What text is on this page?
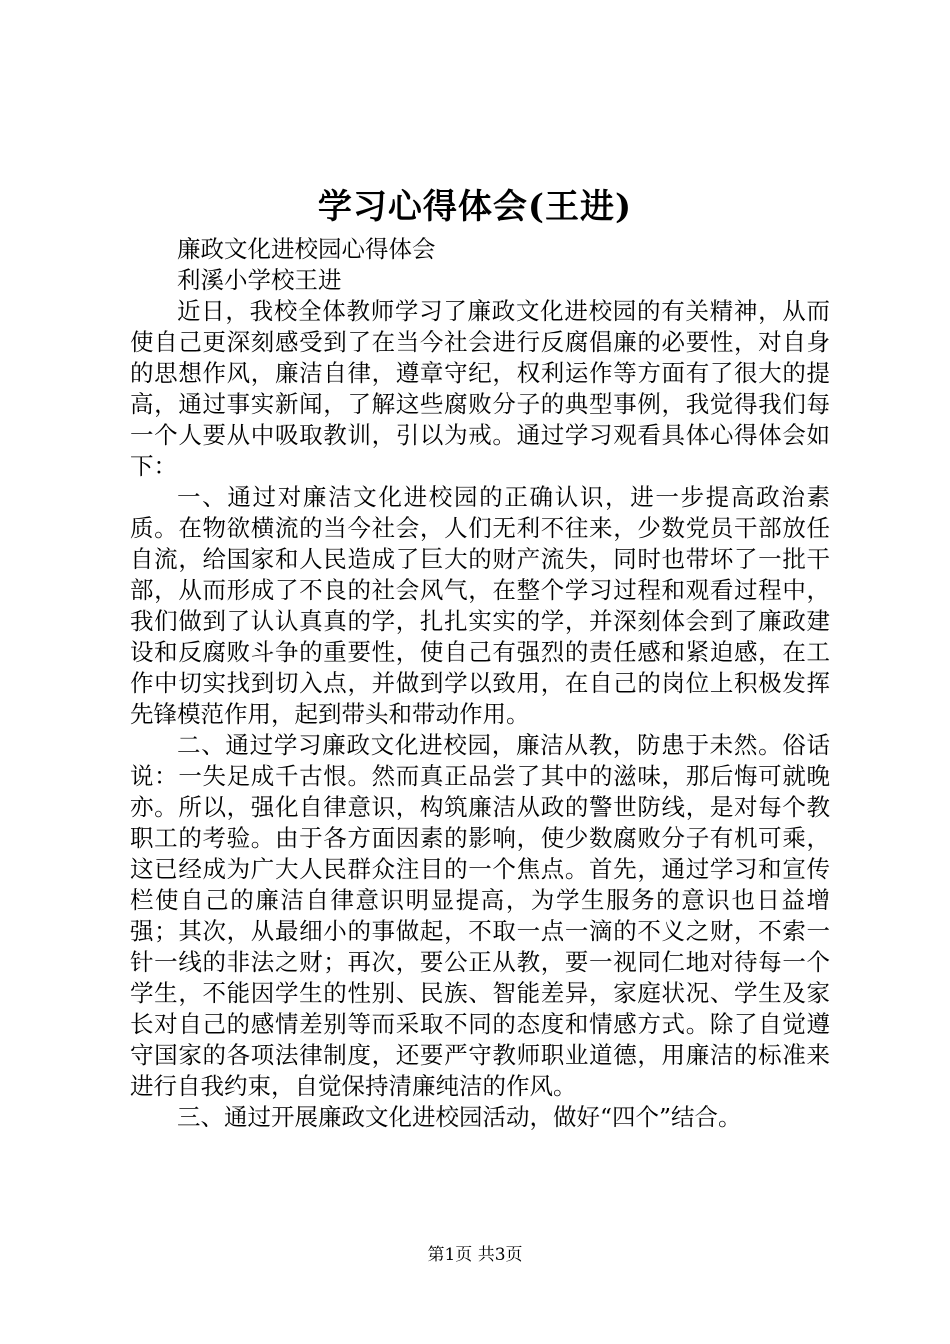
学习心得体会(王进)

廉政文化进校园心得体会

利溪小学校王进

近日，我校全体教师学习了廉政文化进校园的有关精神，从而使自己更深刻感受到了在当今社会进行反腐倡廉的必要性，对自身的思想作风，廉洁自律，遵章守纪，权利运作等方面有了很大的提高，通过事实新闻，了解这些腐败分子的典型事例，我觉得我们每一个人要从中吸取教训，引以为戒。通过学习观看具体心得体会如下：

一、通过对廉洁文化进校园的正确认识，进一步提高政治素质。在物欲横流的当今社会，人们无利不往来，少数党员干部放任自流，给国家和人民造成了巨大的财产流失，同时也带坏了一批干部，从而形成了不良的社会风气，在整个学习过程和观看过程中，我们做到了认认真真的学，扎扎实实的学，并深刻体会到了廉政建设和反腐败斗争的重要性，使自己有强烈的责任感和紧迫感，在工作中切实找到切入点，并做到学以致用，在自己的岗位上积极发挥先锋模范作用，起到带头和带动作用。

二、通过学习廉政文化进校园，廉洁从教，防患于未然。俗话说：一失足成千古恨。然而真正品尝了其中的滋味，那后悔可就晚亦。所以，强化自律意识，构筑廉洁从政的警世防线，是对每个教职工的考验。由于各方面因素的影响，使少数腐败分子有机可乘，这已经成为广大人民群众注目的一个焦点。首先，通过学习和宣传栏使自己的廉洁自律意识明显提高，为学生服务的意识也日益增强；其次，从最细小的事做起，不取一点一滴的不义之财，不索一针一线的非法之财；再次，要公正从教，要一视同仁地对待每一个学生，不能因学生的性别、民族、智能差异，家庭状况、学生及家长对自己的感情差别等而采取不同的态度和情感方式。除了自觉遵守国家的各项法律制度，还要严守教师职业道德，用廉洁的标准来进行自我约束，自觉保持清廉纯洁的作风。

三、通过开展廉政文化进校园活动，做好“四个”结合。

第1页 共3页
